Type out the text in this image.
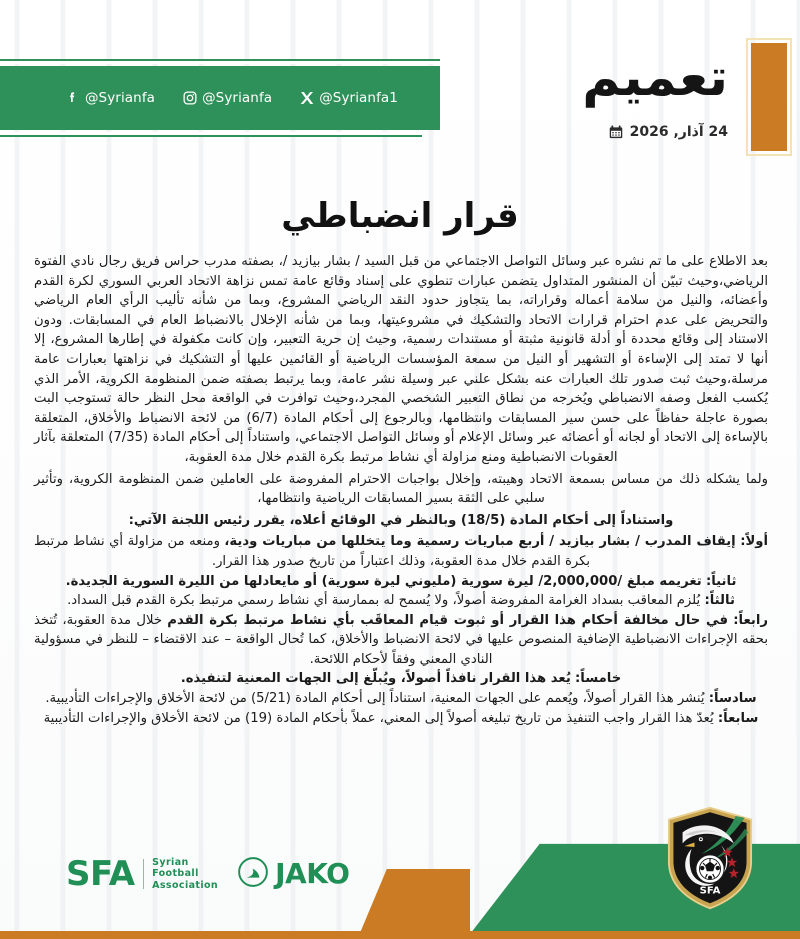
@Syrianfa	@Syrianfa	@Syrianfa1	تعميم
24 آذار, 2026
قرار انضباطي

بعد الاطلاع على ما تم نشره عبر وسائل التواصل الاجتماعي من قبل السيد / بشار بيازيد /، بصفته مدرب حراس فريق رجال نادي الفتوة الرياضي،وحيث تبيّن أن المنشور المتداول يتضمن عبارات تنطوي على إسناد وقائع عامة تمس نزاهة الاتحاد العربي السوري لكرة القدم وأعضائه، والنيل من سلامة أعماله وقراراته، بما يتجاوز حدود النقد الرياضي المشروع، وبما من شأنه تأليب الرأي العام الرياضي والتحريض على عدم احترام قرارات الاتحاد والتشكيك في مشروعيتها، وبما من شأنه الإخلال بالانضباط العام في المسابقات. ودون الاستناد إلى وقائع محددة أو أدلة قانونية مثبتة أو مستندات رسمية، وحيث إن حرية التعبير، وإن كانت مكفولة في إطارها المشروع، إلا أنها لا تمتد إلى الإساءة أو التشهير أو النيل من سمعة المؤسسات الرياضية أو القائمين عليها أو التشكيك في نزاهتها بعبارات عامة مرسلة،وحيث ثبت صدور تلك العبارات عنه بشكل علني عبر وسيلة نشر عامة، وبما يرتبط بصفته ضمن المنظومة الكروية، الأمر الذي يُكسب الفعل وصفه الانضباطي ويُخرجه من نطاق التعبير الشخصي المجرد،وحيث توافرت في الواقعة محل النظر حالة تستوجب البت بصورة عاجلة حفاظاً على حسن سير المسابقات وانتظامها، وبالرجوع إلى أحكام المادة (6/7) من لائحة الانضباط والأخلاق، المتعلقة بالإساءة إلى الاتحاد أو لجانه أو أعضائه عبر وسائل الإعلام أو وسائل التواصل الاجتماعي، واستناداً إلى أحكام المادة (7/35) المتعلقة بآثار العقوبات الانضباطية ومنع مزاولة أي نشاط مرتبط بكرة القدم خلال مدة العقوبة،

ولما يشكله ذلك من مساس بسمعة الاتحاد وهيبته، وإخلال بواجبات الاحترام المفروضة على العاملين ضمن المنظومة الكروية، وتأثير سلبي على الثقة بسير المسابقات الرياضية وانتظامها،

واستناداً إلى أحكام المادة (18/5) وبالنظر في الوقائع أعلاه، يقرر رئيس اللجنة الآتي:

أولاً: إيقاف المدرب / بشار بيازيد / أربع مباريات رسمية وما يتخللها من مباريات ودية، ومنعه من مزاولة أي نشاط مرتبط بكرة القدم خلال مدة العقوبة، وذلك اعتباراً من تاريخ صدور هذا القرار.

ثانياً: تغريمه مبلغ /2,000,000/ ليرة سورية (مليوني ليرة سورية) أو مايعادلها من الليرة السورية الجديدة.

ثالثاً: يُلزم المعاقب بسداد الغرامة المفروضة أصولاً، ولا يُسمح له بممارسة أي نشاط رسمي مرتبط بكرة القدم قبل السداد.

رابعاً: في حال مخالفة أحكام هذا القرار أو ثبوت قيام المعاقَب بأي نشاط مرتبط بكرة القدم خلال مدة العقوبة، تُتخذ بحقه الإجراءات الانضباطية الإضافية المنصوص عليها في لائحة الانضباط والأخلاق، كما تُحال الواقعة – عند الاقتضاء – للنظر في مسؤولية النادي المعني وفقاً لأحكام اللائحة.

خامساً: يُعد هذا القرار نافذاً أصولاً، ويُبلّغ إلى الجهات المعنية لتنفيذه.

سادساً: يُنشر هذا القرار أصولاً، ويُعمم على الجهات المعنية، استناداً إلى أحكام المادة (5/21) من لائحة الأخلاق والإجراءات التأديبية.

سابعاً: يُعدّ هذا القرار واجب التنفيذ من تاريخ تبليغه أصولاً إلى المعني، عملاً بأحكام المادة (19) من لائحة الأخلاق والإجراءات التأديبية

SFA Syrian
Football
Association JAKO
SFA
